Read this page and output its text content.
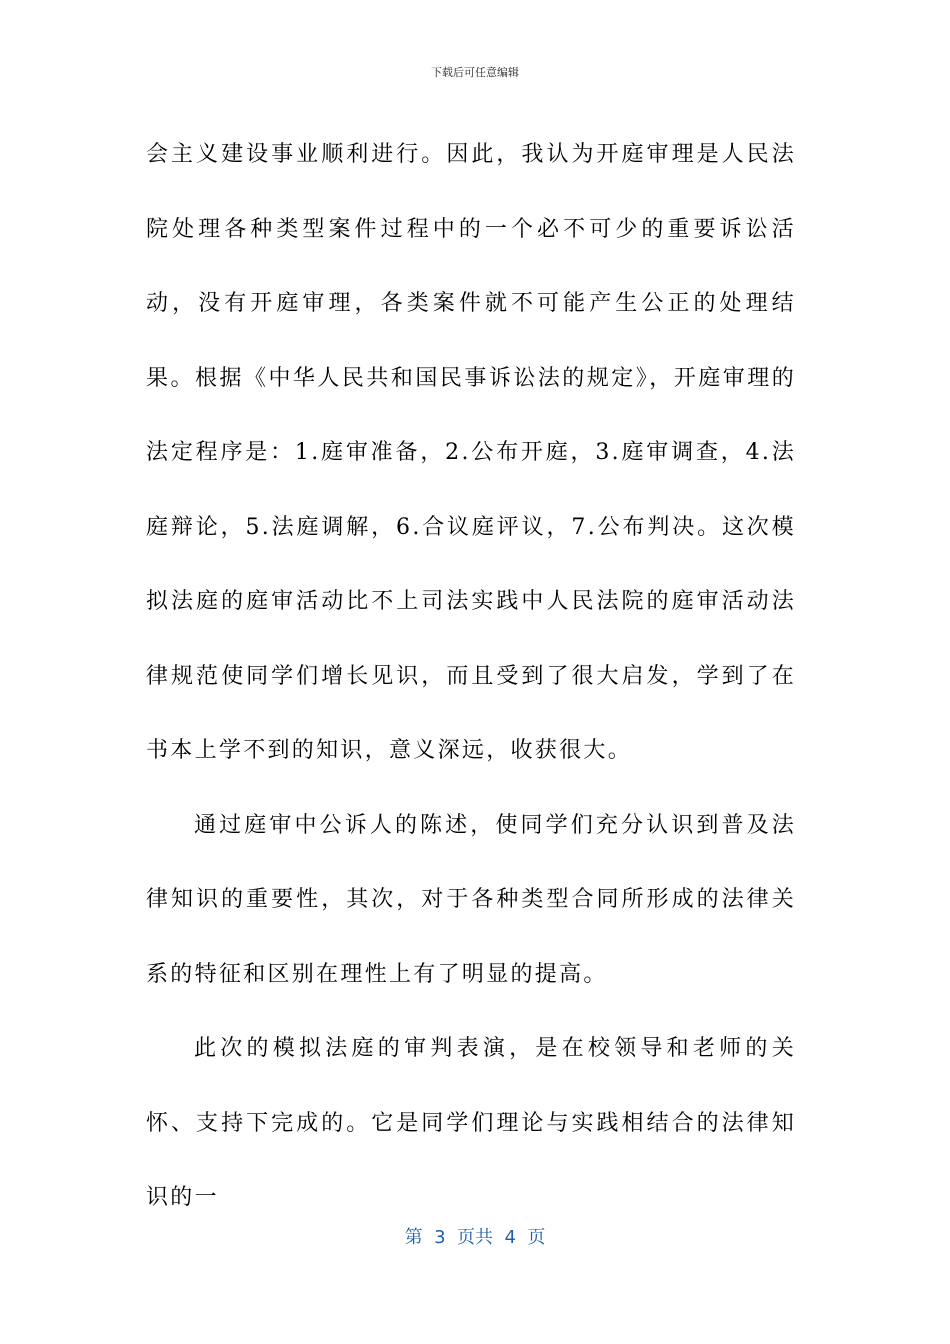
下载后可任意编辑

会主义建设事业顺利进行。因此，我认为开庭审理是人民法院处理各种类型案件过程中的一个必不可少的重要诉讼活动，没有开庭审理，各类案件就不可能产生公正的处理结果。根据《中华人民共和国民事诉讼法的规定》，开庭审理的法定程序是：1.庭审准备，2.公布开庭，3.庭审调查，4.法庭辩论，5.法庭调解，6.合议庭评议，7.公布判决。这次模拟法庭的庭审活动比不上司法实践中人民法院的庭审活动法律规范使同学们增长见识，而且受到了很大启发，学到了在书本上学不到的知识，意义深远，收获很大。

通过庭审中公诉人的陈述，使同学们充分认识到普及法律知识的重要性，其次，对于各种类型合同所形成的法律关系的特征和区别在理性上有了明显的提高。

此次的模拟法庭的审判表演，是在校领导和老师的关怀、支持下完成的。它是同学们理论与实践相结合的法律知识的一

第  3  页共  4  页
